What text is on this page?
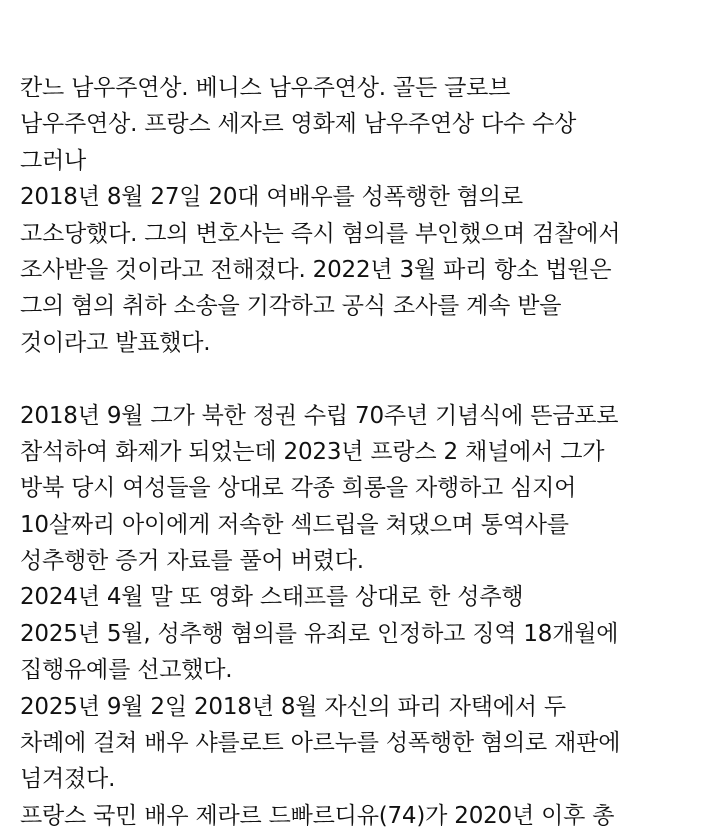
칸느 남우주연상. 베니스 남우주연상. 골든 글로브
남우주연상. 프랑스 세자르 영화제 남우주연상 다수 수상
그러나
2018년 8월 27일 20대 여배우를 성폭행한 혐의로
고소당했다. 그의 변호사는 즉시 혐의를 부인했으며 검찰에서
조사받을 것이라고 전해졌다. 2022년 3월 파리 항소 법원은
그의 혐의 취하 소송을 기각하고 공식 조사를 계속 받을
것이라고 발표했다.
2018년 9월 그가 북한 정권 수립 70주년 기념식에 뜬금포로
참석하여 화제가 되었는데 2023년 프랑스 2 채널에서 그가
방북 당시 여성들을 상대로 각종 희롱을 자행하고 심지어
10살짜리 아이에게 저속한 섹드립을 쳐댔으며 통역사를
성추행한 증거 자료를 풀어 버렸다.
2024년 4월 말 또 영화 스태프를 상대로 한 성추행
2025년 5월, 성추행 혐의를 유죄로 인정하고 징역 18개월에
집행유예를 선고했다.
2025년 9월 2일 2018년 8월 자신의 파리 자택에서 두
차례에 걸쳐 배우 샤를로트 아르누를 성폭행한 혐의로 재판에
넘겨졌다.
프랑스 국민 배우 제라르 드빠르디유(74)가 2020년 이후 총
